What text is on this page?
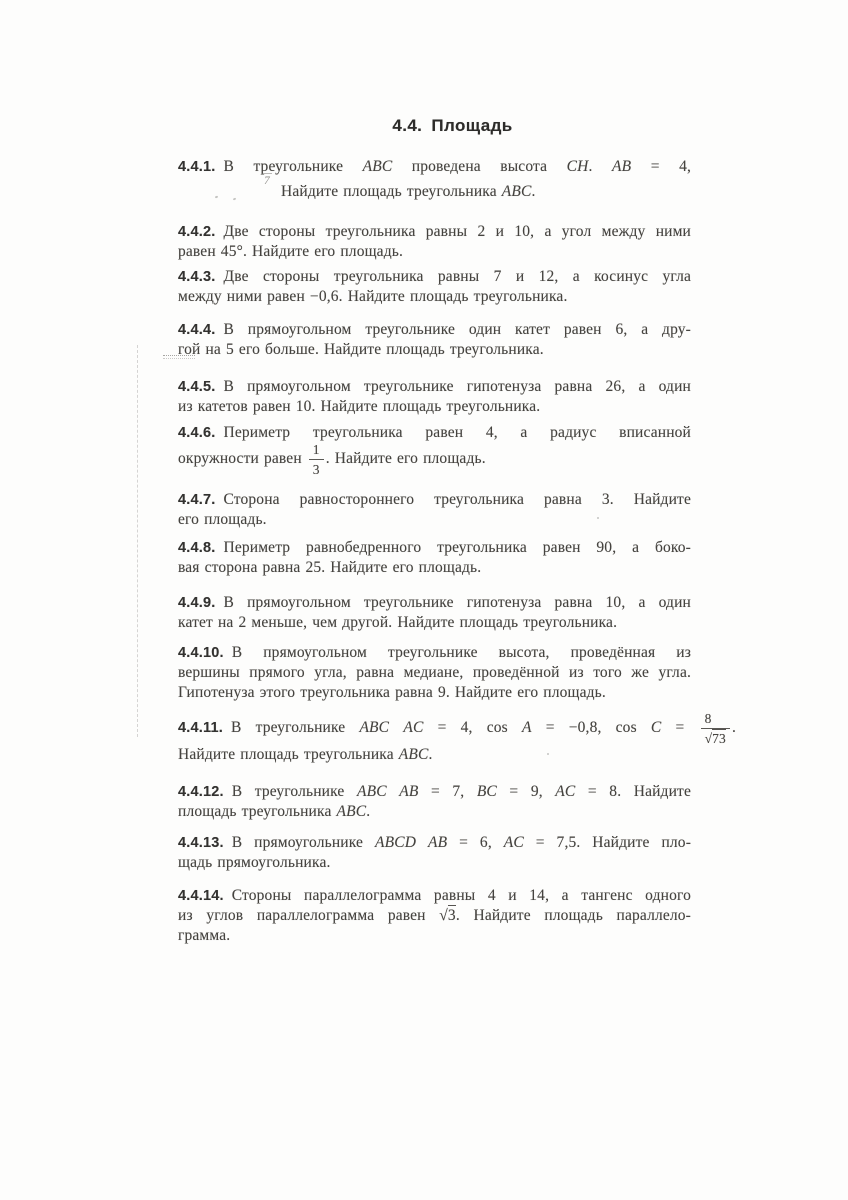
4.4. Площадь
4.4.1. В треугольнике ABC проведена высота CH. AB = 4,
7
Найдите площадь треугольника ABC.
4.4.2. Две стороны треугольника равны 2 и 10, а угол между ними
равен 45°. Найдите его площадь.
4.4.3. Две стороны треугольника равны 7 и 12, а косинус угла
между ними равен −0,6. Найдите площадь треугольника.
4.4.4. В прямоугольном треугольнике один катет равен 6, а дру-
гой на 5 его больше. Найдите площадь треугольника.
4.4.5. В прямоугольном треугольнике гипотенуза равна 26, а один
из катетов равен 10. Найдите площадь треугольника.
4.4.6. Периметр треугольника равен 4, а радиус вписанной
окружности равен $\frac{1}{3}$ . Найдите его площадь.
4.4.7. Сторона равностороннего треугольника равна 3. Найдите
его площадь.
4.4.8. Периметр равнобедренного треугольника равен 90, а боко-
вая сторона равна 25. Найдите его площадь.
4.4.9. В прямоугольном треугольнике гипотенуза равна 10, а один
катет на 2 меньше, чем другой. Найдите площадь треугольника.
4.4.10. В прямоугольном треугольнике высота, проведённая из
вершины прямого угла, равна медиане, проведённой из того же угла.
Гипотенуза этого треугольника равна 9. Найдите его площадь.
4.4.11. В треугольнике ABC AC = 4, cos A = −0,8, $\cos C = \frac{8}{√73}$ .
Найдите площадь треугольника ABC.
4.4.12. В треугольнике ABC AB = 7, BC = 9, AC = 8. Найдите
площадь треугольника ABC.
4.4.13. В прямоугольнике ABCD AB = 6, AC = 7,5. Найдите пло-
щадь прямоугольника.
4.4.14. Стороны параллелограмма равны 4 и 14, а тангенс одного
из углов параллелограмма равен √3. Найдите площадь параллело-
грамма.
